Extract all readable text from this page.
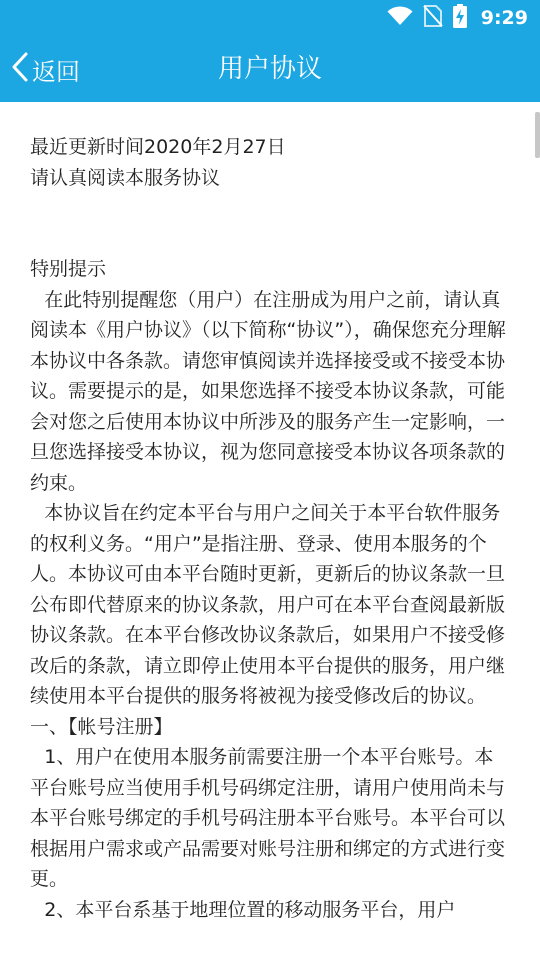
9:29
返回	用户协议

最近更新时间2020年2月27日

请认真阅读本服务协议

特别提示

在此特别提醒您（用户）在注册成为用户之前，请认真阅读本《用户协议》（以下简称“协议”），确保您充分理解本协议中各条款。请您审慎阅读并选择接受或不接受本协议。需要提示的是，如果您选择不接受本协议条款，可能会对您之后使用本协议中所涉及的服务产生一定影响，一旦您选择接受本协议，视为您同意接受本协议各项条款的约束。

本协议旨在约定本平台与用户之间关于本平台软件服务的权利义务。“用户”是指注册、登录、使用本服务的个人。本协议可由本平台随时更新，更新后的协议条款一旦公布即代替原来的协议条款，用户可在本平台查阅最新版协议条款。在本平台修改协议条款后，如果用户不接受修改后的条款，请立即停止使用本平台提供的服务，用户继续使用本平台提供的服务将被视为接受修改后的协议。

一、【帐号注册】

1、用户在使用本服务前需要注册一个本平台账号。本平台账号应当使用手机号码绑定注册，请用户使用尚未与本平台账号绑定的手机号码注册本平台账号。本平台可以根据用户需求或产品需要对账号注册和绑定的方式进行变更。

2、本平台系基于地理位置的移动服务平台，用户
